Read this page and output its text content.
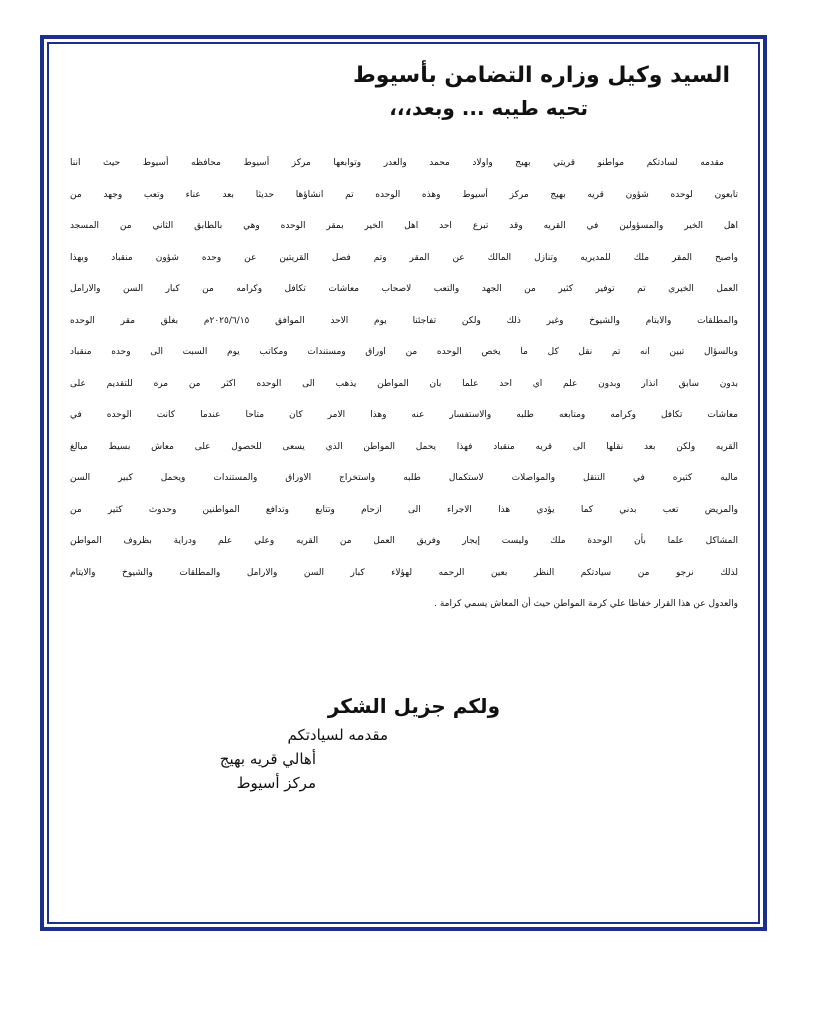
السيد وكيل وزاره التضامن بأسيوط
تحيه طيبه ... وبعد،،،
مقدمه لسادتكم مواطنو قريتي بهيج واولاد محمد والعدر وتوابعها مركز أسيوط محافظه أسيوط حيث اننا
تابعون لوحده شؤون قريه بهيج مركز أسيوط وهذه الوحده تم انشاؤها حديثا بعد عناء وتعب وجهد من
اهل الخير والمسؤولين في القريه وقد تبرع احد اهل الخير بمقر الوحده وهي بالطابق الثاني من المسجد
واصبح المقر ملك للمديريه وتنازل المالك عن المقر وتم فصل القريتين عن وحده شؤون منقباد وبهذا
العمل الخيري تم توفير كثير من الجهد والتعب لاصحاب معاشات تكافل وكرامه من كبار السن والارامل
والمطلقات والايتام والشيوخ وغير ذلك ولكن تفاجئنا يوم الاحد الموافق ٢٠٢٥/٦/١٥م بغلق مقر الوحده
وبالسؤال تبين انه تم نقل كل ما يخص الوحده من اوراق ومستندات ومكاتب يوم السبت الى وحده منقباد
بدون سابق انذار وبدون علم اي احد علما بان المواطن يذهب الى الوحده اكثر من مره للتقديم على
معاشات تكافل وكرامه ومتابعه طلبه والاستفسار عنه وهذا الامر كان متاحا عندما كانت الوحده في
القريه ولكن بعد نقلها الى قريه منقباد فهذا يحمل المواطن الذي يسعى للحصول على معاش بسيط مبالغ
ماليه كثيره في التنقل والمواصلات لاستكمال طلبه واستخراج الاوراق والمستندات ويحمل كبير السن
والمريض تعب بدني كما يؤدي هذا الاجراء الى ازحام وتتابع وتدافع المواطنين وحدوث كثير من
المشاكل علما بأن الوحدة ملك وليست إيجار وفريق العمل من القريه وعلي علم ودراية بظروف المواطن
لذلك نرجو من سيادتكم النظر بعين الرحمه لهؤلاء كبار السن والارامل والمطلقات والشيوخ والايتام
والعدول عن هذا القرار خفاظا علي كرمة المواطن حيث أن المعاش يسمي كرامة .
ولكم جزيل الشكر
مقدمه لسيادتكم
أهالي قريه بهيج
مركز أسيوط
